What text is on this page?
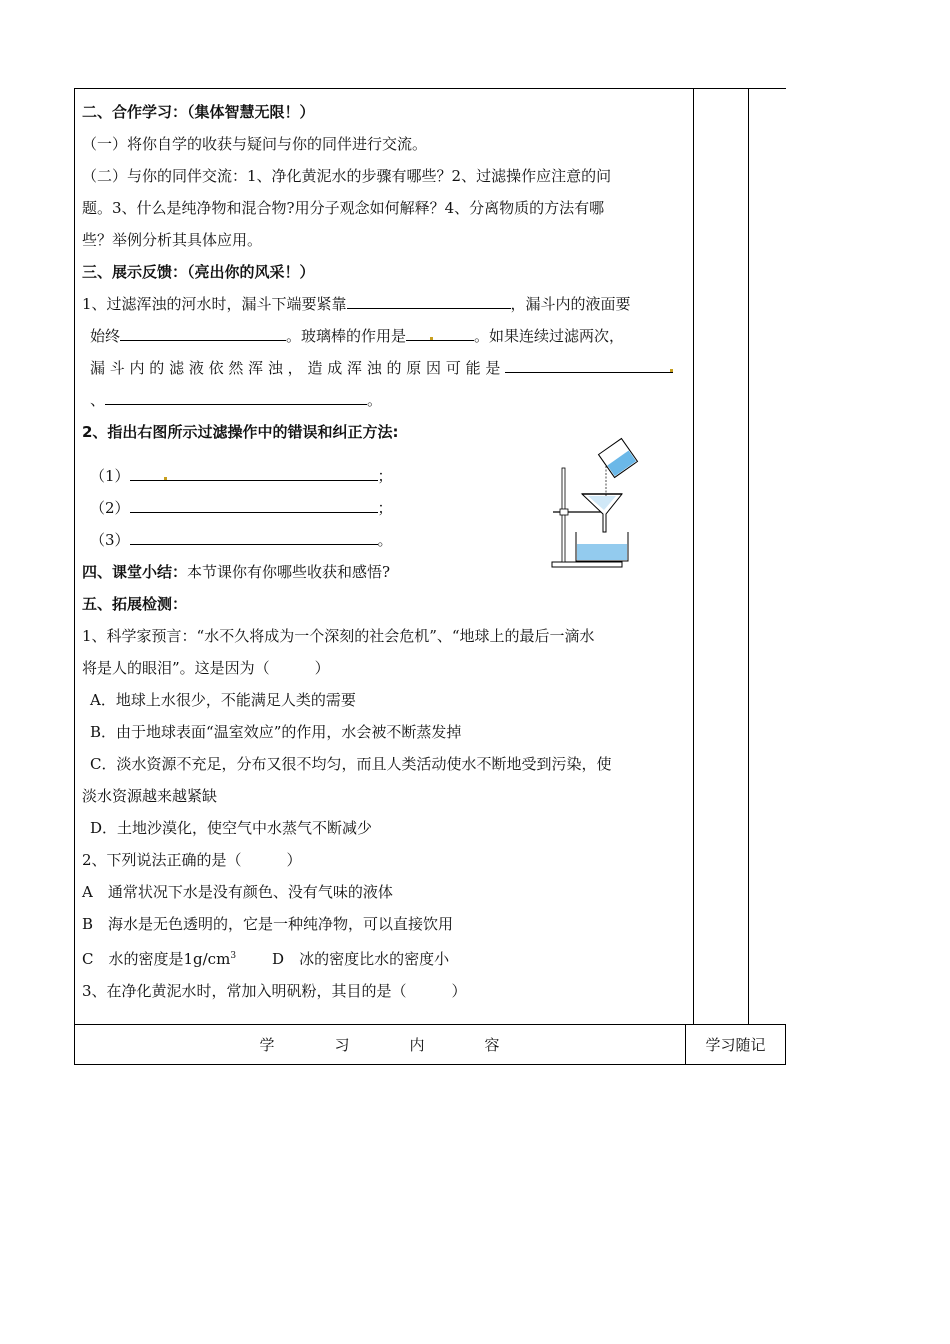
二、合作学习：（集体智慧无限！）

（一）将你自学的收获与疑问与你的同伴进行交流。

（二）与你的同伴交流：1、净化黄泥水的步骤有哪些？2、过滤操作应注意的问

题。3、什么是纯净物和混合物?用分子观念如何解释？4、分离物质的方法有哪

些？举例分析其具体应用。

三、展示反馈：（亮出你的风采！）

1、过滤浑浊的河水时，漏斗下端要紧靠	，漏斗内的液面要

始终	。玻璃棒的作用是	。如果连续过滤两次，

漏 斗 内 的 滤 液 依 然 浑 浊 ， 造 成 浑 浊 的 原 因 可 能 是

、	。

2、指出右图所示过滤操作中的错误和纠正方法:

（1）	；

（2）	；

（3）	。

四、课堂小结：本节课你有你哪些收获和感悟?

五、拓展检测：

1、科学家预言：“水不久将成为一个深刻的社会危机”、“地球上的最后一滴水

将是人的眼泪”。这是因为（　　　）

A．地球上水很少，不能满足人类的需要

B．由于地球表面“温室效应”的作用，水会被不断蒸发掉

C．淡水资源不充足，分布又很不均匀，而且人类活动使水不断地受到污染，使

淡水资源越来越紧缺

D．土地沙漠化，使空气中水蒸气不断减少

2、下列说法正确的是（　　　）

A　通常状况下水是没有颜色、没有气味的液体

B　海水是无色透明的，它是一种纯净物，可以直接饮用

C　水的密度是$1g/cm^3$ D　冰的密度比水的密度小

3、在净化黄泥水时，常加入明矾粉，其目的是（　　　）

学	习	内	容	学习随记
